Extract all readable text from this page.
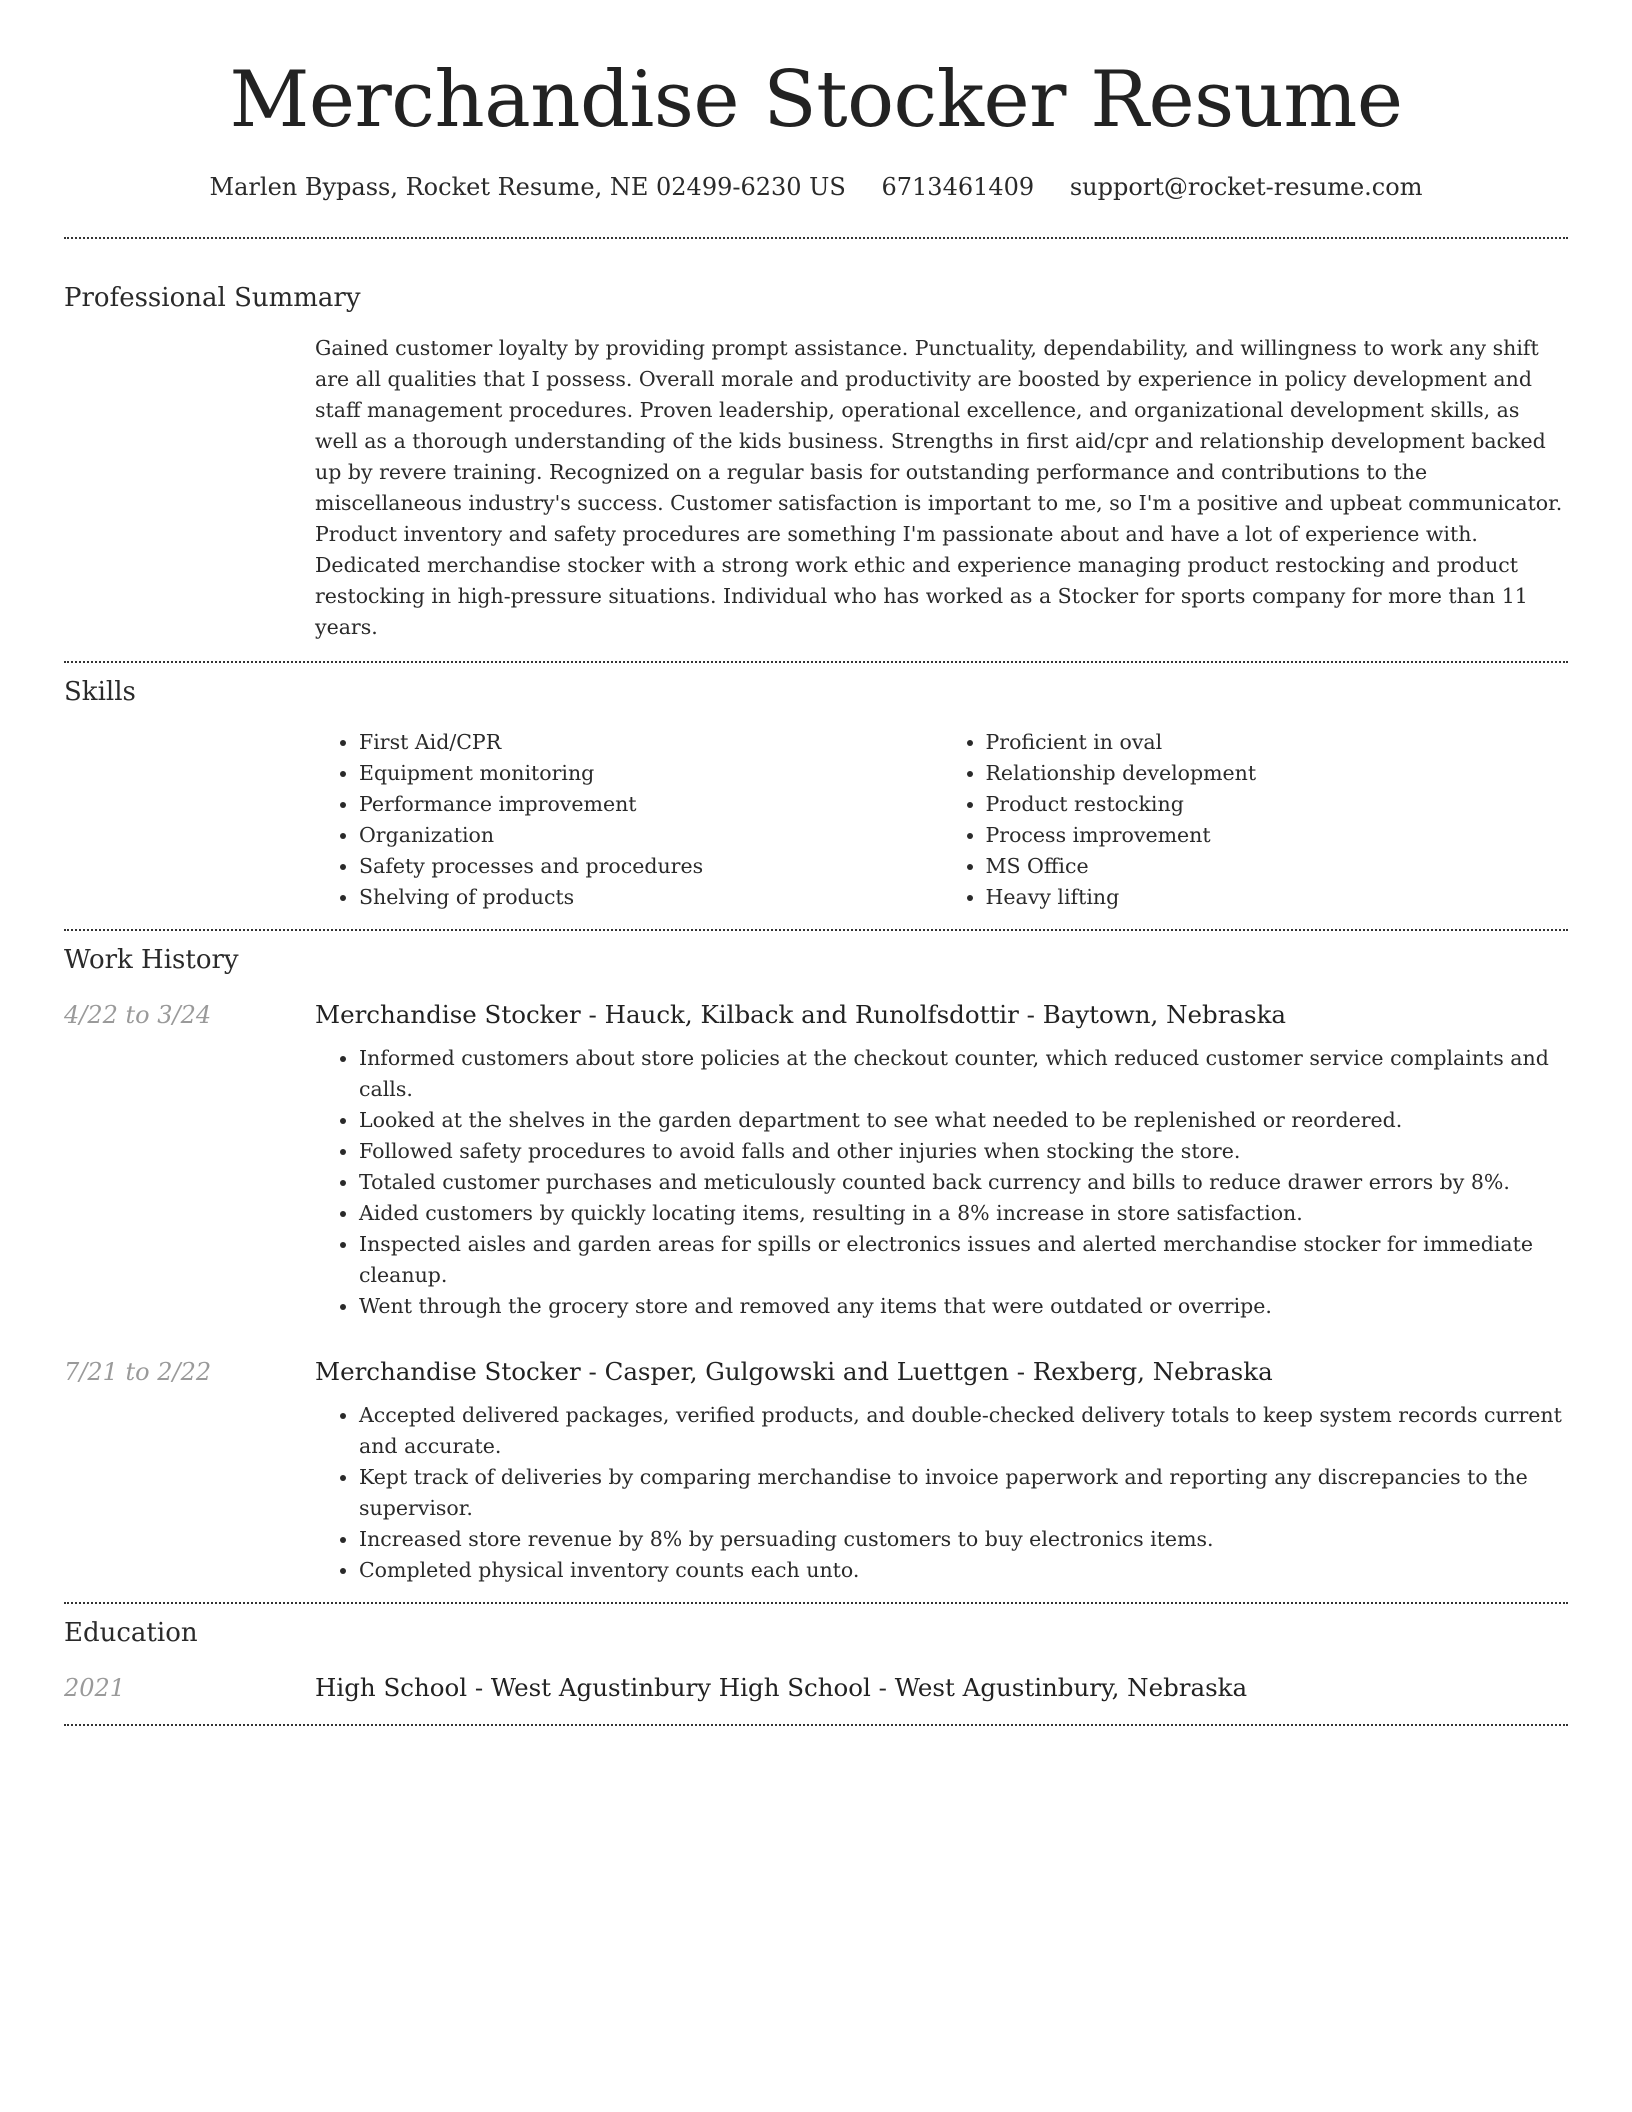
Merchandise Stocker Resume
Marlen Bypass, Rocket Resume, NE 02499-6230 US 6713461409 support@rocket-resume.com
Professional Summary

Gained customer loyalty by providing prompt assistance. Punctuality, dependability, and willingness to work any shift are all qualities that I possess. Overall morale and productivity are boosted by experience in policy development and staff management procedures. Proven leadership, operational excellence, and organizational development skills, as well as a thorough understanding of the kids business. Strengths in first aid/cpr and relationship development backed up by revere training. Recognized on a regular basis for outstanding performance and contributions to the miscellaneous industry's success. Customer satisfaction is important to me, so I'm a positive and upbeat communicator. Product inventory and safety procedures are something I'm passionate about and have a lot of experience with. Dedicated merchandise stocker with a strong work ethic and experience managing product restocking and product restocking in high-pressure situations. Individual who has worked as a Stocker for sports company for more than 11 years.

Skills
• First Aid/CPR
• Equipment monitoring
• Performance improvement
• Organization
• Safety processes and procedures
• Shelving of products
• Proficient in oval
• Relationship development
• Product restocking
• Process improvement
• MS Office
• Heavy lifting
Work History
4/22 to 3/24	Merchandise Stocker - Hauck, Kilback and Runolfsdottir - Baytown, Nebraska
• Informed customers about store policies at the checkout counter, which reduced customer service complaints and calls.
• Looked at the shelves in the garden department to see what needed to be replenished or reordered.
• Followed safety procedures to avoid falls and other injuries when stocking the store.
• Totaled customer purchases and meticulously counted back currency and bills to reduce drawer errors by 8%.
• Aided customers by quickly locating items, resulting in a 8% increase in store satisfaction.
• Inspected aisles and garden areas for spills or electronics issues and alerted merchandise stocker for immediate cleanup.
• Went through the grocery store and removed any items that were outdated or overripe.
7/21 to 2/22	Merchandise Stocker - Casper, Gulgowski and Luettgen - Rexberg, Nebraska
• Accepted delivered packages, verified products, and double-checked delivery totals to keep system records current and accurate.
• Kept track of deliveries by comparing merchandise to invoice paperwork and reporting any discrepancies to the supervisor.
• Increased store revenue by 8% by persuading customers to buy electronics items.
• Completed physical inventory counts each unto.
Education
2021	High School - West Agustinbury High School - West Agustinbury, Nebraska
